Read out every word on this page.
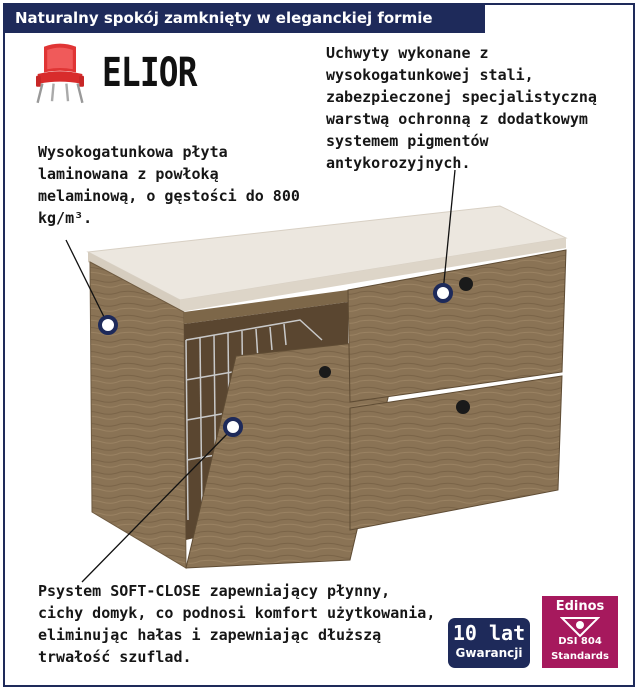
Naturalny spokój zamknięty w eleganckiej formie
ELIOR	Uchwyty wykonane z wysokogatunkowej stali, zabezpieczonej specjalistyczną warstwą ochronną z dodatkowym systemem pigmentów antykorozyjnych.
Wysokogatunkowa płyta laminowana z powłoką melaminową, o gęstości do 800 kg/m³.
Psystem SOFT-CLOSE zapewniający płynny, cichy domyk, co podnosi komfort użytkowania, eliminując hałas i zapewniając dłuższą trwałość szuflad.
10 lat
Gwarancji
Edinos
DSI 804
Standards
